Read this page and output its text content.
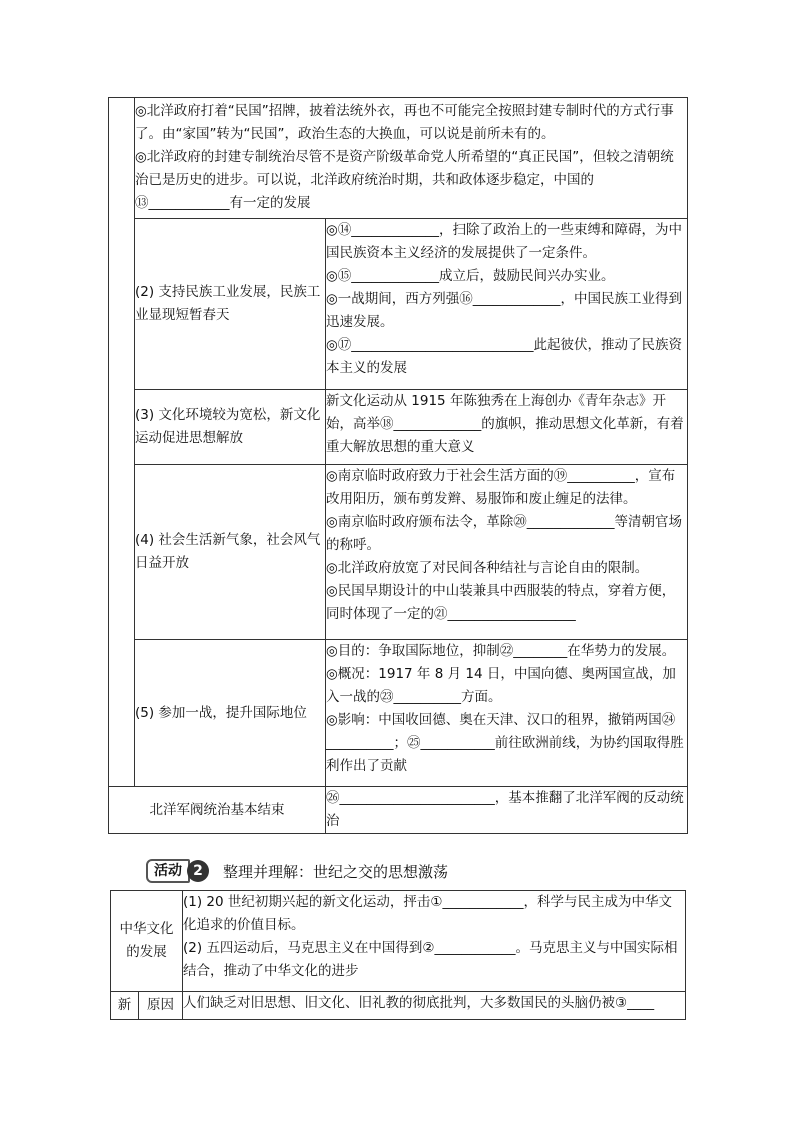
	◎北洋政府打着“民国”招牌，披着法统外衣，再也不可能完全按照封建专制时代的方式行事了。由“家国”转为“民国”，政治生态的大换血，可以说是前所未有的。

◎北洋政府的封建专制统治尽管不是资产阶级革命党人所希望的“真正民国”，但较之清朝统治已是历史的进步。可以说，北洋政府统治时期，共和政体逐步稳定，中国的⑬____________有一定的发展	

	(2) 支持民族工业发展，民族工业显现短暂春天	◎⑭_____________，扫除了政治上的一些束缚和障碍，为中国民族资本主义经济的发展提供了一定条件。

◎⑮_____________成立后，鼓励民间兴办实业。

◎一战期间，西方列强⑯_____________，中国民族工业得到迅速发展。

◎⑰___________________________此起彼伏，推动了民族资本主义的发展

	(3) 文化环境较为宽松，新文化运动促进思想解放	新文化运动从 1915 年陈独秀在上海创办《青年杂志》开始，高举⑱_____________的旗帜，推动思想文化革新，有着重大解放思想的重大意义

	(4) 社会生活新气象，社会风气日益开放	◎南京临时政府致力于社会生活方面的⑲__________，宣布改用阳历，颁布剪发辫、易服饰和废止缠足的法律。

◎南京临时政府颁布法令，革除⑳_____________等清朝官场的称呼。

◎北洋政府放宽了对民间各种结社与言论自由的限制。

◎民国早期设计的中山装兼具中西服装的特点，穿着方便，同时体现了一定的㉑___________________

	(5) 参加一战，提升国际地位	◎目的：争取国际地位，抑制㉒________在华势力的发展。

◎概况：1917 年 8 月 14 日，中国向德、奥两国宣战，加入一战的㉓__________方面。

◎影响：中国收回德、奥在天津、汉口的租界，撤销两国㉔__________；㉕___________前往欧洲前线，为协约国取得胜利作出了贡献

北洋军阀统治基本结束		㉖_______________________，基本推翻了北洋军阀的反动统治

活动 2	整理并理解：世纪之交的思想激荡
中华文化的发展		(1) 20 世纪初期兴起的新文化运动，抨击①____________，科学与民主成为中华文化追求的价值目标。

(2) 五四运动后，马克思主义在中国得到②____________。马克思主义与中国实际相结合，推动了中华文化的进步

新	原因	人们缺乏对旧思想、旧文化、旧礼教的彻底批判，大多数国民的头脑仍被③____
